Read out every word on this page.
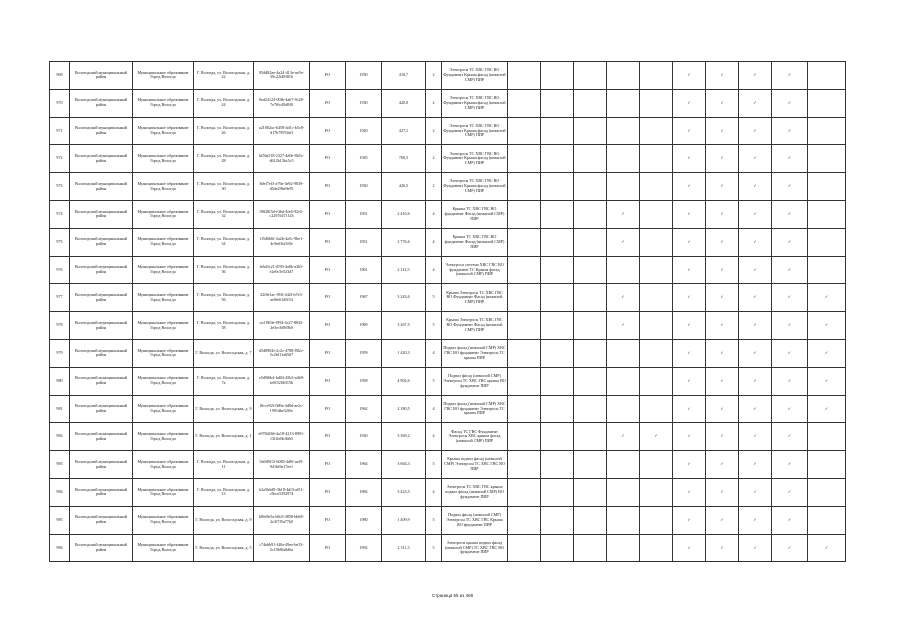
969	Вологодский муниципальный район	Муниципальное образование Город Вологда	Г. Вологда, ул. Вологодская, д. 22	95dd82ae-4a24-413e-ae5e-39c22f48f816	FO	1930	410,7	2	Электросн ТС ХВС ГВС ВО Фундамент Крыша фасад (нежилой СМР) ПИР						✓	✓	✓	✓	
970	Вологодский муниципальный район	Муниципальное образование Город Вологда	Г. Вологда, ул. Вологодская, д. 24	0ed24124-00fb-4ab7-9c28-7e7f6c49d8f0	FO	1930	420,0	2	Электросн ТС ХВС ГВС ВО Фундамент Крыша фасад (нежилой СМР) ПИР						✓	✓	✓	✓	
971	Вологодский муниципальный район	Муниципальное образование Город Вологда	Г. Вологда, ул. Вологодская, д. 26	a21802ac-b458-4d1c-b5c8-d17b7997deff	FO	1920	427,1	2	Электросн ТС ХВС ГВС ВО Фундамент Крыша фасад (нежилой СМР) ПИР						✓	✓	✓	✓	
972	Вологодский муниципальный район	Муниципальное образование Город Вологда	Г. Вологда, ул. Вологодская, д. 28	bf56a518-2327-4d0e-8b5c-d612b13bc5c5	FO	1945	769,5	2	Электросн ТС ХВС ГВС ВО Фундамент Крыша фасад (нежилой СМР) ПИР						✓	✓	✓	✓	
973	Вологодский муниципальный район	Муниципальное образование Город Вологда	Г. Вологда, ул. Вологодская, д. 30	b0ef7ef3-a79a-4e92-9839-d5de29be9e95	FO	1930	426,5	2	Электросн ТС ХВС ГВС ВО Фундамент Крыша фасад (нежилой СМР) ПИР						✓	✓	✓	✓	
974	Вологодский муниципальный район	Муниципальное образование Город Вологда	Г. Вологда, ул. Вологодская, д. 32	98f28f5d-e36d-4fe6-92e5-c2297d471143	FO	1951	2 416,6	4	Крыша ТС ХВС ГВС ВО фундамент Фасад (нежилой СМР) ПИР				✓		✓	✓	✓	✓	
975	Вологодский муниципальный район	Муниципальное образование Город Вологда	Г. Вологда, ул. Вологодская, д. 34	1f5d6b6f-2a2b-4a5c-9be1-4c9e63fa5f0e	FO	1951	2 776,6	4	Крыша ТС ХВС ГВС ВО фундамент Фасад (нежилой СМР) ПИР				✓		✓	✓	✓	✓	
976	Вологодский муниципальный район	Муниципальное образование Город Вологда	Г. Вологда, ул. Вологодская, д. 36	fe6d3c21-f039-4a8b-a3b5-e2e0c5e523d7	FO	1961	2 112,5	4	Электросн система ХВС ГВС ВО фундамент ТС Крыша фасад (нежилой СМР) ПИР						✓	✓	✓	✓	
977	Вологодский муниципальный район	Муниципальное образование Город Вологда	Г. Вологда, ул. Вологодская, д. 56	22f0e1ac-f93f-442f-b7e3-ae0fe61d5f54	FO	1967	3 243,6	5	Крыша Электросн ТС ХВС ГВС ВО Фундамент Фасад (нежилой СМР) ПИР				✓		✓	✓	✓	✓	✓
978	Вологодский муниципальный район	Муниципальное образование Город Вологда	Г. Вологда, ул. Вологодская, д. 58	ce219f0e-f994-4c27-8843-2e5ec6f9f0b0	FO	1969	3 267,5	5	Крыша Электросн ТС ХВС ГВС ВО Фундамент Фасад (нежилой СМР) ПИР				✓		✓	✓	✓	✓	✓
979	Вологодский муниципальный район	Муниципальное образование Город Вологда	Г. Вологда, ул. Вологодская, д. 7	d5d8904f-2c2c-4788-882c-5c2b1f1a6567	FO	1959	1 420,3	4	Подвал фасад (нежилой СМР) ХВС ГВС ВО фундамент Электросн ТС крыша ПИР						✓	✓	✓	✓	✓
980	Вологодский муниципальный район	Муниципальное образование Город Вологда	Г. Вологда, ул. Вологодская, д. 7а	e5d9f6b4-bd04-45b3-a4b9-fe0f5266315b	FO	1958	4 902,6	5	Подвал фасад (нежилой СМР) Электросн ТС ХВС ГВС крыша ВО фундамент ПИР						✓	✓	✓	✓	✓
981	Вологодский муниципальный район	Муниципальное образование Город Вологда	Г. Вологда, ул. Вологодская, д. 9	f0cce92f-0d9a-4d8d-ae2c-1991dbe32f6c	FO	1962	2 180,5	4	Подвал фасад (нежилой СМР) ХВС ГВС ВО фундамент Электросн ТС крыша ПИР						✓	✓	✓	✓	✓
982	Вологодский муниципальный район	Муниципальное образование Город Вологда	Г. Вологда, ул. Вологодская, д. 1	e078d266-4a18-4213-8901-f3f1fe6b3b60	FO	1930	3 369,2	4	Фасад ТС ГВС Фундамент Электросн ХВС крыша фасад (нежилой СМР) ПИР				✓	✓	✓	✓	✓	✓	
983	Вологодский муниципальный район	Муниципальное образование Город Вологда	Г. Вологда, ул. Вологодская, д. 11	0a9d9f13-b083-4d0f-aef9-941bf6e17ee1	FO	1964	3 664,3	5	Крыша подвал фасад (нежилой СМР) Электросн ТС ХВС ГВС ВО ПИР						✓	✓	✓	✓	
984	Вологодский муниципальный район	Муниципальное образование Город Вологда	Г. Вологда, ул. Вологодская, д. 13	b2a5b6d9-3b18-4df3-af51-c5bce5392974	FO	1982	3 423,5	4	Электросн ТС ХВС ГВС крыша подвал фасад (нежилой СМР) ВО фундамент ПИР						✓	✓	✓	✓	
985	Вологодский муниципальный район	Муниципальное образование Город Вологда	Г. Вологда, ул. Вологодская, д. 9	b8fe8e5a-b8c0-4858-bb68-2e3f7f5a77b0	FO	1980	1 409,9	5	Подвал фасад (нежилой СМР) Электросн ТС ХВС ГВС Крыша ВО фундамент ПИР						✓	✓	✓	✓	
986	Вологодский муниципальный район	Муниципальное образование Город Вологда	Г. Вологда, ул. Вологодская, д. 5	c74ebb91-f40a-49ee-be53-2c19b8fa8d6a	FO	1992	2 311,3	5	Электросн крыша подвал фасад (нежилой СМР) ТС ХВС ГВС ВО фундамент ПИР						✓	✓	✓	✓	✓
Страница 55 из 469
